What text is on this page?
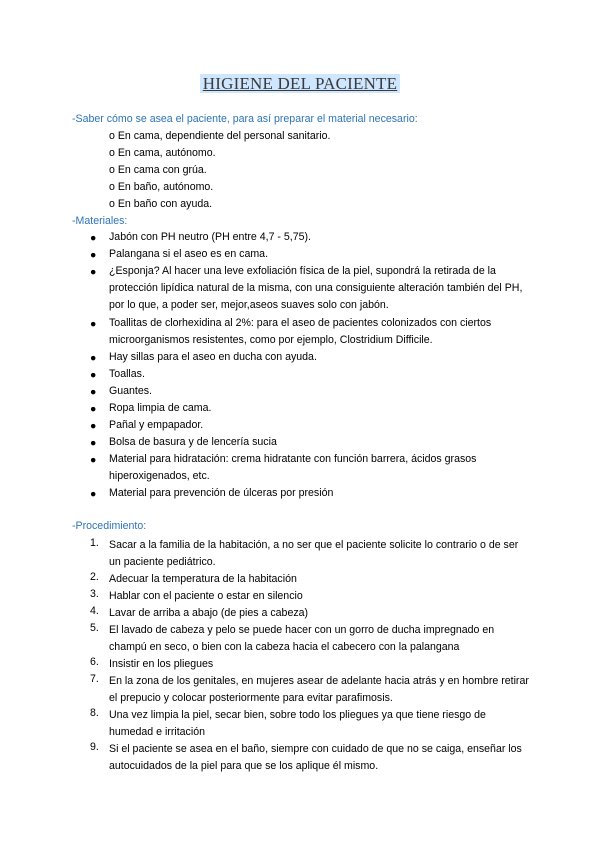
HIGIENE DEL PACIENTE
-Saber cómo se asea el paciente, para así preparar el material necesario:
o En cama, dependiente del personal sanitario.
o En cama, autónomo.
o En cama con grúa.
o En baño, autónomo.
o En baño con ayuda.
-Materiales:
● Jabón con PH neutro (PH entre 4,7 - 5,75).
● Palangana si el aseo es en cama.
● ¿Esponja? Al hacer una leve exfoliación física de la piel, supondrá la retirada de la protección lipídica natural de la misma, con una consiguiente alteración también del PH, por lo que, a poder ser, mejor,aseos suaves solo con jabón.
● Toallitas de clorhexidina al 2%: para el aseo de pacientes colonizados con ciertos microorganismos resistentes, como por ejemplo, Clostridium Difficile.
● Hay sillas para el aseo en ducha con ayuda.
● Toallas.
● Guantes.
● Ropa limpia de cama.
● Pañal y empapador.
● Bolsa de basura y de lencería sucia
● Material para hidratación: crema hidratante con función barrera, ácidos grasos hiperoxigenados, etc.
● Material para prevención de úlceras por presión
-Procedimiento:
1. Sacar a la familia de la habitación, a no ser que el paciente solicite lo contrario o de ser un paciente pediátrico.
2. Adecuar la temperatura de la habitación
3. Hablar con el paciente o estar en silencio
4. Lavar de arriba a abajo (de pies a cabeza)
5. El lavado de cabeza y pelo se puede hacer con un gorro de ducha impregnado en champú en seco, o bien con la cabeza hacia el cabecero con la palangana
6. Insistir en los pliegues
7. En la zona de los genitales, en mujeres asear de adelante hacia atrás y en hombre retirar el prepucio y colocar posteriormente para evitar parafimosis.
8. Una vez limpia la piel, secar bien, sobre todo los pliegues ya que tiene riesgo de humedad e irritación
9. Si el paciente se asea en el baño, siempre con cuidado de que no se caiga, enseñar los autocuidados de la piel para que se los aplique él mismo.
